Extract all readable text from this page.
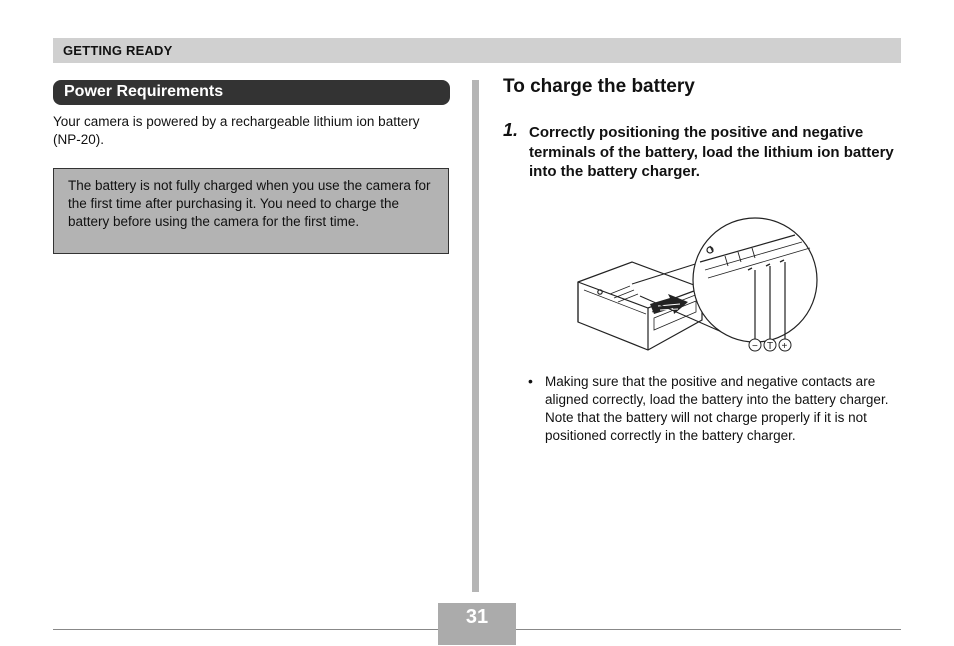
GETTING READY
Power Requirements
Your camera is powered by a rechargeable lithium ion battery (NP-20).
The battery is not fully charged when you use the camera for the first time after purchasing it. You need to charge the battery before using the camera for the first time.
To charge the battery
1. Correctly positioning the positive and negative terminals of the battery, load the lithium ion battery into the battery charger.
− T +
• Making sure that the positive and negative contacts are aligned correctly, load the battery into the battery charger. Note that the battery will not charge properly if it is not positioned correctly in the battery charger.
31
